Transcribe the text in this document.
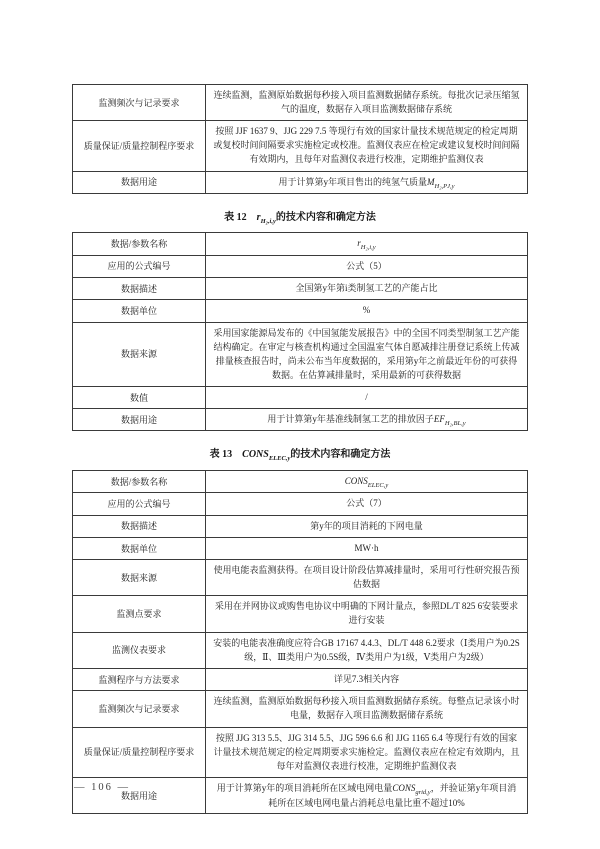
监测频次与记录要求	连续监测，监测原始数据每秒接入项目监测数据储存系统。每批次记录压缩氢气的温度，数据存入项目监测数据储存系统
质量保证/质量控制程序要求	按照 JJF 1637 9、JJG 229 7.5 等现行有效的国家计量技术规范规定的检定周期或复校时间间隔要求实施检定或校准。监测仪表应在检定或建议复校时间间隔有效期内，且每年对监测仪表进行校准，定期维护监测仪表
数据用途	用于计算第y年项目售出的纯氢气质量$M_{H_2,PJ,y}$
表 12　$r_{H_2,i,y}$的技术内容和确定方法
数据/参数名称	$r_{H_2,i,y}$
应用的公式编号	公式（5）
数据描述	全国第y年第i类制氢工艺的产能占比
数据单位	%
数据来源	采用国家能源局发布的《中国氢能发展报告》中的全国不同类型制氢工艺产能结构确定。在审定与核查机构通过全国温室气体自愿减排注册登记系统上传减排量核查报告时，尚未公布当年度数据的，采用第y年之前最近年份的可获得数据。在估算减排量时，采用最新的可获得数据
数值	/
数据用途	用于计算第y年基准线制氢工艺的排放因子$EF_{H_2,BL,y}$
表 13　$CONS_{ELEC,y}$的技术内容和确定方法
数据/参数名称	$CONS_{ELEC,y}$
应用的公式编号	公式（7）
数据描述	第y年的项目消耗的下网电量
数据单位	MW·h
数据来源	使用电能表监测获得。在项目设计阶段估算减排量时，采用可行性研究报告预估数据
监测点要求	采用在并网协议或购售电协议中明确的下网计量点，参照DL/T 825 6安装要求进行安装
监测仪表要求	安装的电能表准确度应符合GB 17167 4.4.3、DL/T 448 6.2要求（Ⅰ类用户为0.2S级，Ⅱ、Ⅲ类用户为0.5S级，Ⅳ类用户为1级，Ⅴ类用户为2级）
监测程序与方法要求	详见7.3相关内容
监测频次与记录要求	连续监测，监测原始数据每秒接入项目监测数据储存系统。每整点记录该小时电量，数据存入项目监测数据储存系统
质量保证/质量控制程序要求	按照 JJG 313 5.5、JJG 314 5.5、JJG 596 6.6 和 JJG 1165 6.4 等现行有效的国家计量技术规范规定的检定周期要求实施检定。监测仪表应在检定有效期内，且每年对监测仪表进行校准，定期维护监测仪表
数据用途	用于计算第y年的项目消耗所在区域电网电量$CONS_{grid,y}$，并验证第y年项目消耗所在区域电网电量占消耗总电量比重不超过10%
— 106 —
